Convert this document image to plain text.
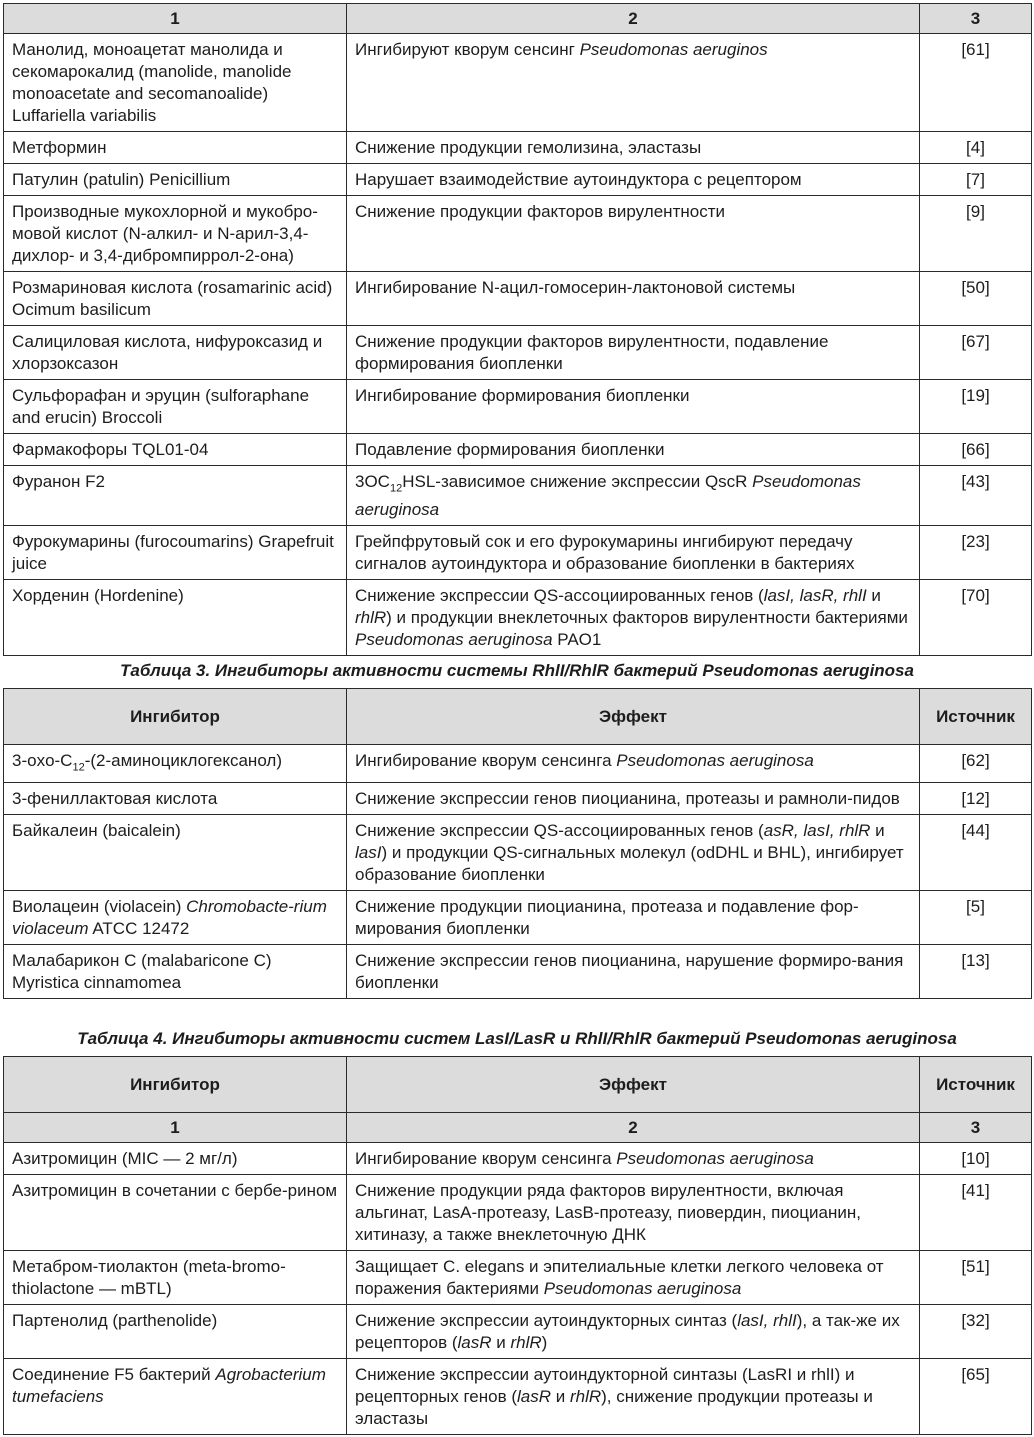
1	2	3
Манолид, моноацетат манолида и секомарокалид (manolide, manolide monoacetate and secomanoalide) Luffariella variabilis	Ингибируют кворум сенсинг Pseudomonas aeruginos	[61]
Метформин	Снижение продукции гемолизина, эластазы	[4]
Патулин (patulin) Penicillium	Нарушает взаимодействие аутоиндуктора с рецептором	[7]
Производные мукохлорной и мукобро-мовой кислот (N-алкил- и N-арил-3,4-дихлор- и 3,4-дибромпиррол-2-она)	Снижение продукции факторов вирулентности	[9]
Розмариновая кислота (rosamarinic acid) Ocimum basilicum	Ингибирование N-ацил-гомосерин-лактоновой системы	[50]
Салициловая кислота, нифуроксазид и хлорзоксазон	Снижение продукции факторов вирулентности, подавление формирования биопленки	[67]
Сульфорафан и эруцин (sulforaphane and erucin) Broccoli	Ингибирование формирования биопленки	[19]
Фармакофоры TQL01-04	Подавление формирования биопленки	[66]
Фуранон F2	$3OC_{12}HSL$-зависимое снижение экспрессии QscR Pseudomonas aeruginosa	[43]
Фурокумарины (furocoumarins) Grapefruit juice	Грейпфрутовый сок и его фурокумарины ингибируют передачу сигналов аутоиндуктора и образование биопленки в бактериях	[23]
Хорденин (Hordenine)	Снижение экспрессии QS-ассоциированных генов (lasI, lasR, rhlI и rhlR) и продукции внеклеточных факторов вирулентности бактериями Pseudomonas aeruginosa PAO1	[70]
Таблица 3. Ингибиторы активности системы RhlI/RhlR бактерий Pseudomonas aeruginosa
Ингибитор	Эффект	Источник
$3-oxo-C_{12}-(2-аминоциклогексанол)$	Ингибирование кворум сенсинга Pseudomonas aeruginosa	[62]
3-фениллактовая кислота	Снижение экспрессии генов пиоцианина, протеазы и рамноли-пидов	[12]
Байкалеин (baicalein)	Снижение экспрессии QS-ассоциированных генов (asR, lasI, rhlR и lasI) и продукции QS-сигнальных молекул (odDHL и BHL), ингибирует образование биопленки	[44]
Виолацеин (violacein) Chromobacte-rium violaceum ATCC 12472	Снижение продукции пиоцианина, протеаза и подавление фор-мирования биопленки	[5]
Малабарикон C (malabaricone C) Myristica cinnamomea	Снижение экспрессии генов пиоцианина, нарушение формиро-вания биопленки	[13]
Таблица 4. Ингибиторы активности систем LasI/LasR и RhlI/RhlR бактерий Pseudomonas aeruginosa
Ингибитор	Эффект	Источник
1	2	3
Азитромицин (MIC — 2 мг/л)	Ингибирование кворум сенсинга Pseudomonas aeruginosa	[10]
Азитромицин в сочетании с бербе-рином	Снижение продукции ряда факторов вирулентности, включая альгинат, LasA-протеазу, LasB-протеазу, пиовердин, пиоцианин, хитиназу, а также внеклеточную ДНК	[41]
Метабром-тиолактон (meta-bromo-thiolactone — mBTL)	Защищает C. elegans и эпителиальные клетки легкого человека от поражения бактериями Pseudomonas aeruginosa	[51]
Партенолид (parthenolide)	Снижение экспрессии аутоиндукторных синтаз (lasI, rhlI), а так-же их рецепторов (lasR и rhlR)	[32]
Соединение F5 бактерий Agrobacterium tumefaciens	Снижение экспрессии аутоиндукторной синтазы (LasRI и rhlI) и рецепторных генов (lasR и rhlR), снижение продукции протеазы и эластазы	[65]
